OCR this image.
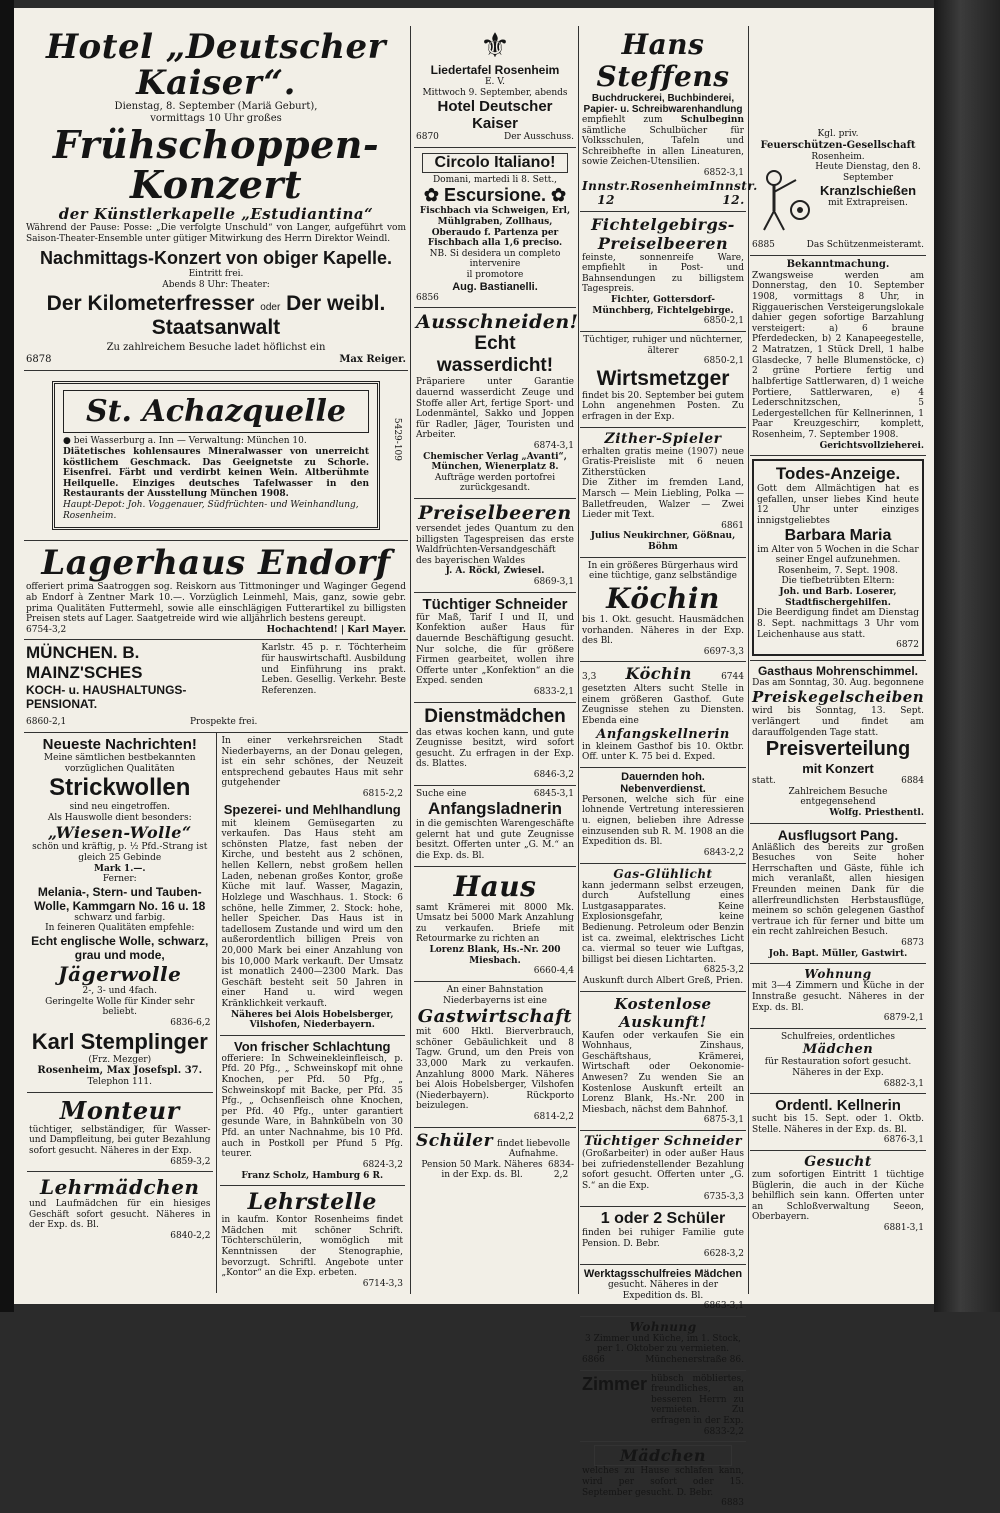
Hotel „Deutscher Kaiser“.
Dienstag, 8. September (Mariä Geburt),
vormittags 10 Uhr großes
Frühschoppen-Konzert
der Künstlerkapelle „Estudiantina“
Während der Pause: Posse: „Die verfolgte Unschuld“ von Langer, aufgeführt vom Saison-Theater-Ensemble unter gütiger Mitwirkung des Herrn Direktor Weindl.
Nachmittags-Konzert von obiger Kapelle.
Eintritt frei.
Abends 8 Uhr: Theater:
Der Kilometerfresser oder Der weibl. Staatsanwalt
Zu zahlreichem Besuche ladet höflichst ein
6878	Max Reiger.
St. Achazquelle
● bei Wasserburg a. Inn — Verwaltung: München 10.
Diätetisches kohlensaures Mineralwasser von unerreicht köstlichem Geschmack. Das Geeignetste zu Schorle. Eisenfrei. Färbt und verdirbt keinen Wein. Altberühmte Heilquelle. Einziges deutsches Tafelwasser in den Restaurants der Ausstellung München 1908.
Haupt-Depot: Joh. Voggenauer, Südfrüchten- und Weinhandlung, Rosenheim.
5429-109
Lagerhaus Endorf
offeriert prima Saatroggen sog. Reiskorn aus Tittmoninger und Waginger Gegend ab Endorf à Zentner Mark 10.—. Vorzüglich Leinmehl, Mais, ganz, sowie gebr. prima Qualitäten Futtermehl, sowie alle einschlägigen Futterartikel zu billigsten Preisen stets auf Lager. Saatgetreide wird wie alljährlich bestens gereupt.
6754-3,2	Hochachtend! | Karl Mayer.
MÜNCHEN. B. MAINZ'SCHES
KOCH- u. HAUSHALTUNGS-PENSIONAT.
6860-2,1	Prospekte frei.
Karlstr. 45 p. r. Töchterheim für hauswirtschaftl. Ausbildung und Einführung ins prakt. Leben. Gesellig. Verkehr. Beste Referenzen.
Neueste Nachrichten!
Meine sämtlichen bestbekannten vorzüglichen Qualitäten
Strickwollen
sind neu eingetroffen.
Als Hauswolle dient besonders:
„Wiesen-Wolle“
schön und kräftig, p. ½ Pfd.-Strang ist gleich 25 Gebinde
Mark 1.—.
Ferner:
Melania-, Stern- und Tauben-Wolle, Kammgarn No. 16 u. 18
schwarz und farbig.
In feineren Qualitäten empfehle:
Echt englische Wolle, schwarz, grau und mode,
Jägerwolle
2-, 3- und 4fach.
Geringelte Wolle für Kinder sehr beliebt.
6836-6,2
Karl Stemplinger
(Frz. Mezger)
Rosenheim, Max Josefspl. 37.
Telephon 111.
Monteur
tüchtiger, selbständiger, für Wasser- und Dampfleitung, bei guter Bezahlung sofort gesucht. Näheres in der Exp.
6859-3,2
Lehrmädchen
und Laufmädchen für ein hiesiges Geschäft sofort gesucht. Näheres in der Exp. ds. Bl.
6840-2,2
In einer verkehrsreichen Stadt Niederbayerns, an der Donau gelegen, ist ein sehr schönes, der Neuzeit entsprechend gebautes Haus mit sehr gutgehender
6815-2,2
Spezerei- und Mehlhandlung
mit kleinem Gemüsegarten zu verkaufen. Das Haus steht am schönsten Platze, fast neben der Kirche, und besteht aus 2 schönen, hellen Kellern, nebst großem hellen Laden, nebenan großes Kontor, große Küche mit lauf. Wasser, Magazin, Holzlege und Waschhaus. 1. Stock: 6 schöne, helle Zimmer, 2. Stock: hohe, heller Speicher. Das Haus ist in tadellosem Zustande und wird um den außerordentlich billigen Preis von 20,000 Mark bei einer Anzahlung von bis 10,000 Mark verkauft. Der Umsatz ist monatlich 2400—2300 Mark. Das Geschäft besteht seit 50 Jahren in einer Hand u. wird wegen Kränklichkeit verkauft.
Näheres bei Alois Hobelsberger, Vilshofen, Niederbayern.
Von frischer Schlachtung
offeriere: In Schweinekleinfleisch, p. Pfd. 20 Pfg., „ Schweinskopf mit ohne Knochen, per Pfd. 50 Pfg., „ Schweinskopf mit Backe, per Pfd. 35 Pfg., „ Ochsenfleisch ohne Knochen, per Pfd. 40 Pfg., unter garantiert gesunde Ware, in Bahnkübeln von 30 Pfd. an unter Nachnahme, bis 10 Pfd. auch in Postkoll per Pfund 5 Pfg. teurer.
6824-3,2
Franz Scholz, Hamburg 6 R.
Lehrstelle
in kaufm. Kontor Rosenheims findet Mädchen mit schöner Schrift. Töchterschülerin, womöglich mit Kenntnissen der Stenographie, bevorzugt. Schriftl. Angebote unter „Kontor“ an die Exp. erbeten.
6714-3,3
⚜
Liedertafel Rosenheim
E. V.
Mittwoch 9. September, abends
Hotel Deutscher Kaiser
6870	Der Ausschuss.
Circolo Italiano!
Domani, martedi li 8. Sett.,
✿ Escursione. ✿
Fischbach via Schweigen, Erl, Mühlgraben, Zollhaus, Oberaudo f. Partenza per Fischbach alla 1,6 preciso.
NB. Si desidera un completo intervenire
il promotore
Aug. Bastianelli.
6856
Ausschneiden!
Echt wasserdicht!
Präpariere unter Garantie dauernd wasserdicht Zeuge und Stoffe aller Art, fertige Sport- und Lodenmäntel, Sakko und Joppen für Radler, Jäger, Touristen und Arbeiter.
6874-3,1
Chemischer Verlag „Avanti“, München, Wienerplatz 8.
Aufträge werden portofrei zurückgesandt.
Preiselbeeren
versendet jedes Quantum zu den billigsten Tagespreisen das erste Waldfrüchten-Versandgeschäft des bayerischen Waldes
J. A. Röckl, Zwiesel.
6869-3,1
Tüchtiger Schneider
für Maß, Tarif I und II, und Konfektion außer Haus für dauernde Beschäftigung gesucht. Nur solche, die für größere Firmen gearbeitet, wollen ihre Offerte unter „Konfektion“ an die Exped. senden
6833-2,1
Dienstmädchen
das etwas kochen kann, und gute Zeugnisse besitzt, wird sofort gesucht. Zu erfragen in der Exp. ds. Blattes.
6846-3,2
Suche eine	6845-3,1
Anfangsladnerin
in die gemischten Warengeschäfte gelernt hat und gute Zeugnisse besitzt. Offerten unter „G. M.“ an die Exp. ds. Bl.
Haus
samt Krämerei mit 8000 Mk. Umsatz bei 5000 Mark Anzahlung zu verkaufen. Briefe mit Retourmarke zu richten an
Lorenz Blank, Hs.-Nr. 200 Miesbach.
6660-4,4
An einer Bahnstation Niederbayerns ist eine
Gastwirtschaft
mit 600 Hktl. Bierverbrauch, schöner Gebäulichkeit und 8 Tagw. Grund, um den Preis von 33,000 Mark zu verkaufen. Anzahlung 8000 Mark. Näheres bei Alois Hobelsberger, Vilshofen (Niederbayern). Rückporto beizulegen.
6814-2,2
Schüler findet liebevolle Aufnahme.
Pension 50 Mark. Näheres in der Exp. ds. Bl.
6834-2,2
Hans Steffens
Buchdruckerei, Buchbinderei, Papier- u. Schreibwarenhandlung
empfiehlt zum Schulbeginn sämtliche Schulbücher für Volksschulen, Tafeln und Schreibhefte in allen Lineaturen, sowie Zeichen-Utensilien.
6852-3,1
Innstr. 12
Rosenheim Innstr. 12.
Fichtelgebirgs-Preiselbeeren
feinste, sonnenreife Ware, empfiehlt in Post- und Bahnsendungen zu billigstem Tagespreis.
Fichter, Gottersdorf-Münchberg, Fichtelgebirge.
6850-2,1
Tüchtiger, ruhiger und nüchterner, älterer
6850-2,1
Wirtsmetzger
findet bis 20. September bei gutem Lohn angenehmen Posten. Zu erfragen in der Exp.
Zither-Spieler
erhalten gratis meine (1907) neue Gratis-Preisliste mit 6 neuen Zitherstücken
Die Zither im fremden Land, Marsch — Mein Liebling, Polka — Balletfreuden, Walzer — Zwei Lieder mit Text.
6861
Julius Neukirchner, Gößnau, Böhm
In ein größeres Bürgerhaus wird eine tüchtige, ganz selbständige
Köchin
bis 1. Okt. gesucht. Hausmädchen vorhanden. Näheres in der Exp. des Bl.
6697-3,3
3,3 Köchin	6744
gesetzten Alters sucht Stelle in einem größeren Gasthof. Gute Zeugnisse stehen zu Diensten. Ebenda eine
Anfangskellnerin
in kleinem Gasthof bis 10. Oktbr. Off. unter K. 75 bei d. Exped.
Dauernden hoh. Nebenverdienst.
Personen, welche sich für eine lohnende Vertretung interessieren u. eignen, belieben ihre Adresse einzusenden sub R. M. 1908 an die Expedition ds. Bl.
6843-2,2
Gas-Glühlicht
kann jedermann selbst erzeugen, durch Aufstellung eines Lustgasapparates. Keine Explosionsgefahr, keine Bedienung. Petroleum oder Benzin ist ca. zweimal, elektrisches Licht ca. viermal so teuer wie Luftgas, billigst bei diesen Lichtarten.
6825-3,2
Auskunft durch Albert Greß, Prien.
Kostenlose Auskunft!
Kaufen oder verkaufen Sie ein Wohnhaus, Zinshaus, Geschäftshaus, Krämerei, Wirtschaft oder Oekonomie-Anwesen? Zu wenden Sie an Kostenlose Auskunft erteilt an Lorenz Blank, Hs.-Nr. 200 in Miesbach, nächst dem Bahnhof.
6875-3,1
Tüchtiger Schneider
(Großarbeiter) in oder außer Haus bei zufriedenstellender Bezahlung sofort gesucht. Offerten unter „G. S.“ an die Exp.
6735-3,3
1 oder 2 Schüler
finden bei ruhiger Familie gute Pension. D. Bebr.
6628-3,2
Werktagsschulfreies Mädchen
gesucht. Näheres in der Expedition ds. Bl.
6863-3,1
Wohnung
3 Zimmer und Küche, im 1. Stock, per 1. Oktober zu vermieten.
6866	Münchenerstraße 86.
Zimmer hübsch möbliertes, freundliches, an besseren Herrn zu vermieten. Zu erfragen in der Exp.
6833-2,2
Mädchen
welches zu Hause schlafen kann, wird per sofort oder 15. September gesucht. D. Bebr.
6883
Kgl. priv.
Feuerschützen-Gesellschaft
Rosenheim.
Heute Dienstag, den 8. September
Kranzlschießen
mit Extrapreisen.
6885	Das Schützenmeisteramt.
Bekanntmachung.
Zwangsweise werden am Donnerstag, den 10. September 1908, vormittags 8 Uhr, in Riggauerischen Versteigerungslokale dahier gegen sofortige Barzahlung versteigert: a) 6 braune Pferdedecken, b) 2 Kanapeegestelle, 2 Matratzen, 1 Stück Drell, 1 halbe Glasdecke, 7 helle Blumenstöcke, c) 2 grüne Portiere fertig und halbfertige Sattlerwaren, d) 1 weiche Portiere, Sattlerwaren, e) 4 Lederschnitzschen, 5 Ledergestellchen für Kellnerinnen, 1 Paar Kreuzgeschirr, komplett, Rosenheim, 7. September 1908.
Gerichtsvollzieherei.
Todes-Anzeige.
Gott dem Allmächtigen hat es gefallen, unser liebes Kind heute 12 Uhr unter einziges innigstgeliebtes
Barbara Maria
im Alter von 5 Wochen in die Schar seiner Engel aufzunehmen.
Rosenheim, 7. Sept. 1908.
Die tiefbetrübten Eltern:
Joh. und Barb. Loserer, Stadtfischergehilfen.
Die Beerdigung findet am Dienstag 8. Sept. nachmittags 3 Uhr vom Leichenhause aus statt.
6872
Gasthaus Mohrenschimmel.
Das am Sonntag, 30. Aug. begonnene
Preiskegelscheiben
wird bis Sonntag, 13. Sept. verlängert und findet am darauffolgenden Tage statt.
Preisverteilung
mit Konzert
statt.	6884
Zahlreichem Besuche entgegensehend
Wolfg. Priesthentl.
Ausflugsort Pang.
Anläßlich des bereits zur großen Besuches von Seite hoher Herrschaften und Gäste, fühle ich mich veranlaßt, allen hiesigen Freunden meinen Dank für die allerfreundlichsten Herbstausflüge, meinem so schön gelegenen Gasthof vertraue ich für ferner und bitte um ein recht zahlreichen Besuch.
6873
Joh. Bapt. Müller, Gastwirt.
Wohnung
mit 3—4 Zimmern und Küche in der Innstraße gesucht. Näheres in der Exp. ds. Bl.
6879-2,1
Schulfreies, ordentliches
Mädchen
für Restauration sofort gesucht. Näheres in der Exp.
6882-3,1
Ordentl. Kellnerin
sucht bis 15. Sept. oder 1. Oktb. Stelle. Näheres in der Exp. ds. Bl.
6876-3,1
Gesucht
zum sofortigen Eintritt 1 tüchtige Büglerin, die auch in der Küche behilflich sein kann. Offerten unter an Schloßverwaltung Seeon, Oberbayern.
6881-3,1
